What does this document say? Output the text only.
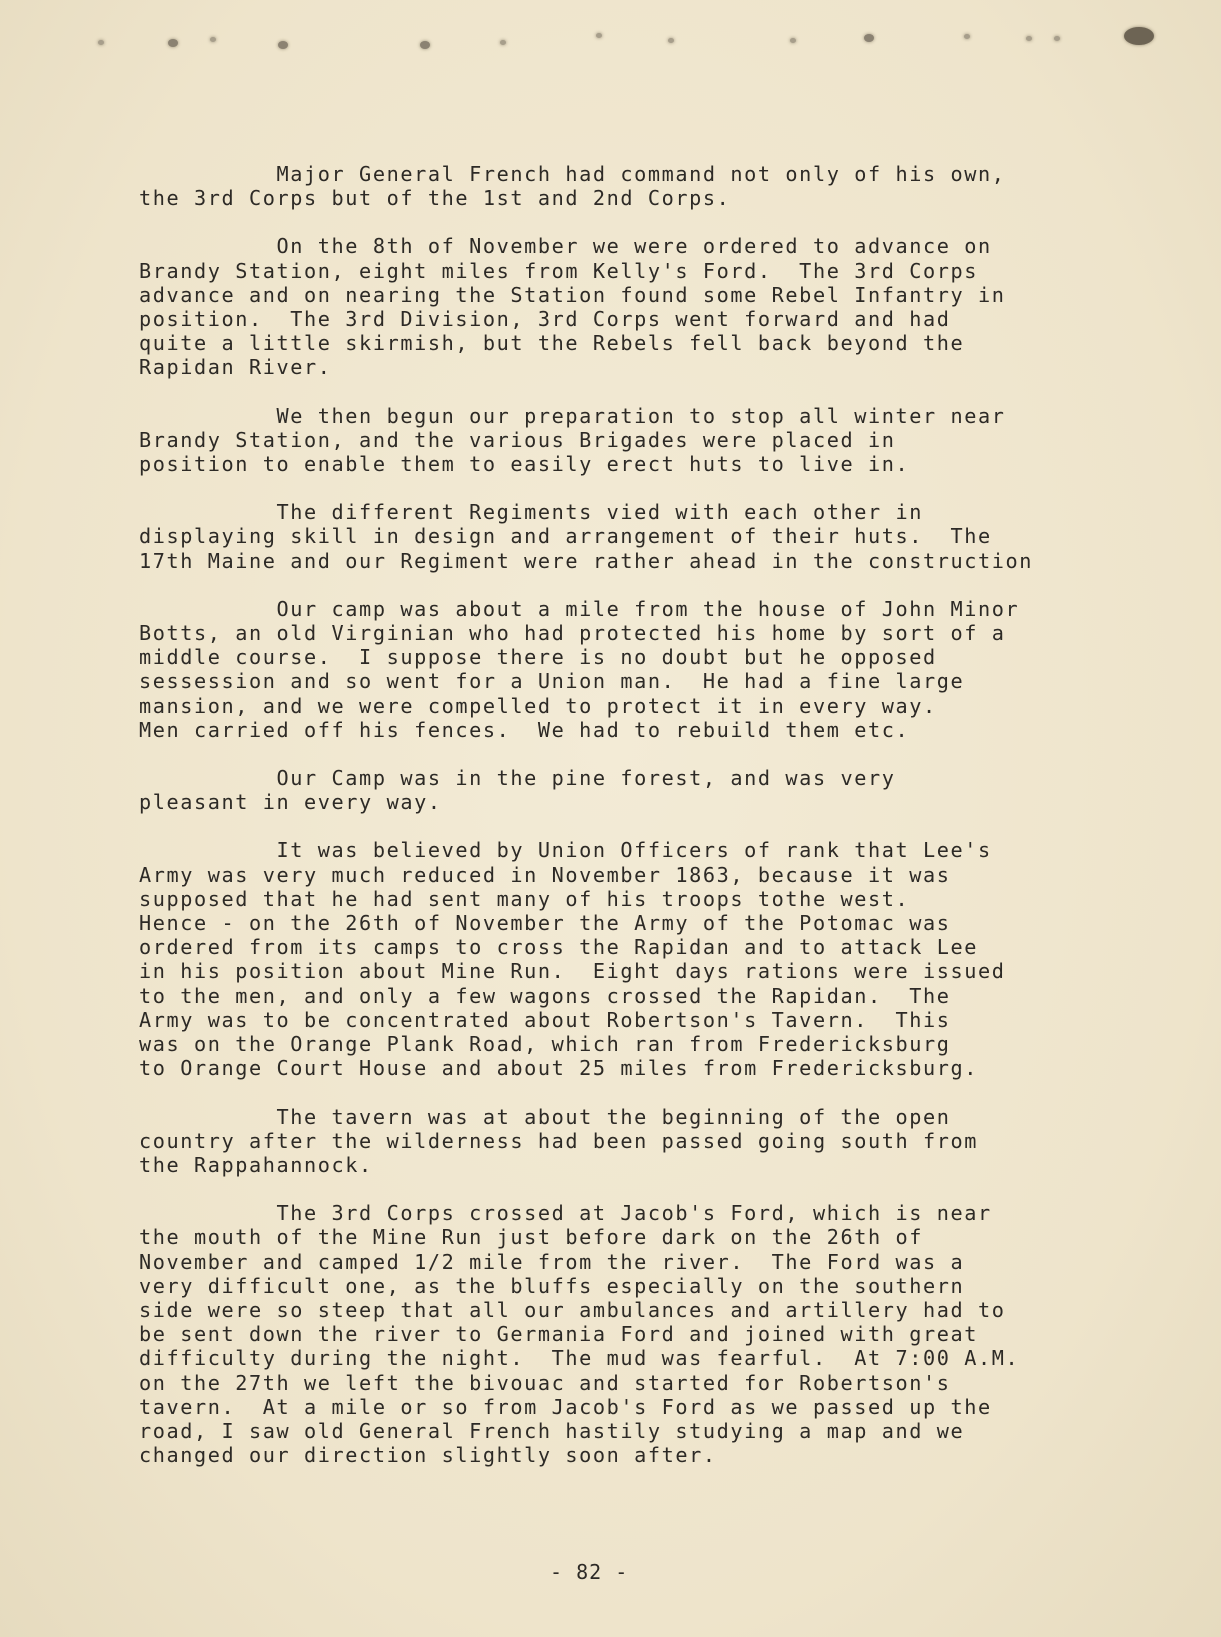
Major General French had command not only of his own,
the 3rd Corps but of the 1st and 2nd Corps.
On the 8th of November we were ordered to advance on
Brandy Station, eight miles from Kelly's Ford.  The 3rd Corps
advance and on nearing the Station found some Rebel Infantry in
position.  The 3rd Division, 3rd Corps went forward and had
quite a little skirmish, but the Rebels fell back beyond the
Rapidan River.
We then begun our preparation to stop all winter near
Brandy Station, and the various Brigades were placed in
position to enable them to easily erect huts to live in.
The different Regiments vied with each other in
displaying skill in design and arrangement of their huts.  The
17th Maine and our Regiment were rather ahead in the construction
Our camp was about a mile from the house of John Minor
Botts, an old Virginian who had protected his home by sort of a
middle course.  I suppose there is no doubt but he opposed
sessession and so went for a Union man.  He had a fine large
mansion, and we were compelled to protect it in every way.
Men carried off his fences.  We had to rebuild them etc.
Our Camp was in the pine forest, and was very
pleasant in every way.
It was believed by Union Officers of rank that Lee's
Army was very much reduced in November 1863, because it was
supposed that he had sent many of his troops tothe west.
Hence - on the 26th of November the Army of the Potomac was
ordered from its camps to cross the Rapidan and to attack Lee
in his position about Mine Run.  Eight days rations were issued
to the men, and only a few wagons crossed the Rapidan.  The
Army was to be concentrated about Robertson's Tavern.  This
was on the Orange Plank Road, which ran from Fredericksburg
to Orange Court House and about 25 miles from Fredericksburg.
The tavern was at about the beginning of the open
country after the wilderness had been passed going south from
the Rappahannock.
The 3rd Corps crossed at Jacob's Ford, which is near
the mouth of the Mine Run just before dark on the 26th of
November and camped 1/2 mile from the river.  The Ford was a
very difficult one, as the bluffs especially on the southern
side were so steep that all our ambulances and artillery had to
be sent down the river to Germania Ford and joined with great
difficulty during the night.  The mud was fearful.  At 7:00 A.M.
on the 27th we left the bivouac and started for Robertson's
tavern.  At a mile or so from Jacob's Ford as we passed up the
road, I saw old General French hastily studying a map and we
changed our direction slightly soon after.
- 82 -
